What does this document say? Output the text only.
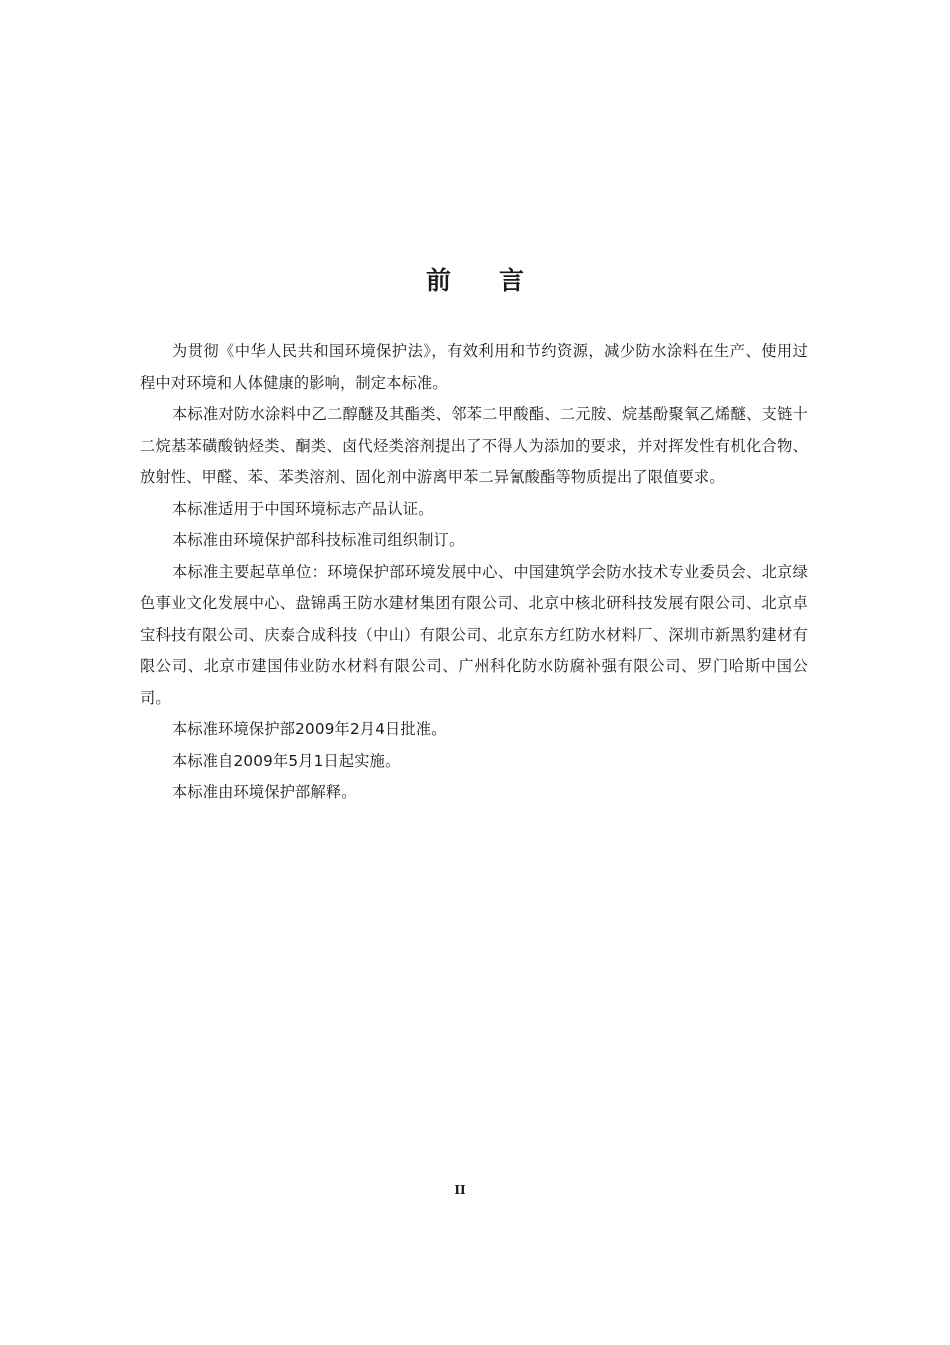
前言

为贯彻《中华人民共和国环境保护法》，有效利用和节约资源，减少防水涂料在生产、使用过程中对环境和人体健康的影响，制定本标准。

本标准对防水涂料中乙二醇醚及其酯类、邻苯二甲酸酯、二元胺、烷基酚聚氧乙烯醚、支链十二烷基苯磺酸钠烃类、酮类、卤代烃类溶剂提出了不得人为添加的要求，并对挥发性有机化合物、放射性、甲醛、苯、苯类溶剂、固化剂中游离甲苯二异氰酸酯等物质提出了限值要求。

本标准适用于中国环境标志产品认证。

本标准由环境保护部科技标准司组织制订。

本标准主要起草单位：环境保护部环境发展中心、中国建筑学会防水技术专业委员会、北京绿色事业文化发展中心、盘锦禹王防水建材集团有限公司、北京中核北研科技发展有限公司、北京卓宝科技有限公司、庆泰合成科技（中山）有限公司、北京东方红防水材料厂、深圳市新黑豹建材有限公司、北京市建国伟业防水材料有限公司、广州科化防水防腐补强有限公司、罗门哈斯中国公司。

本标准环境保护部2009年2月4日批准。

本标准自2009年5月1日起实施。

本标准由环境保护部解释。

II
